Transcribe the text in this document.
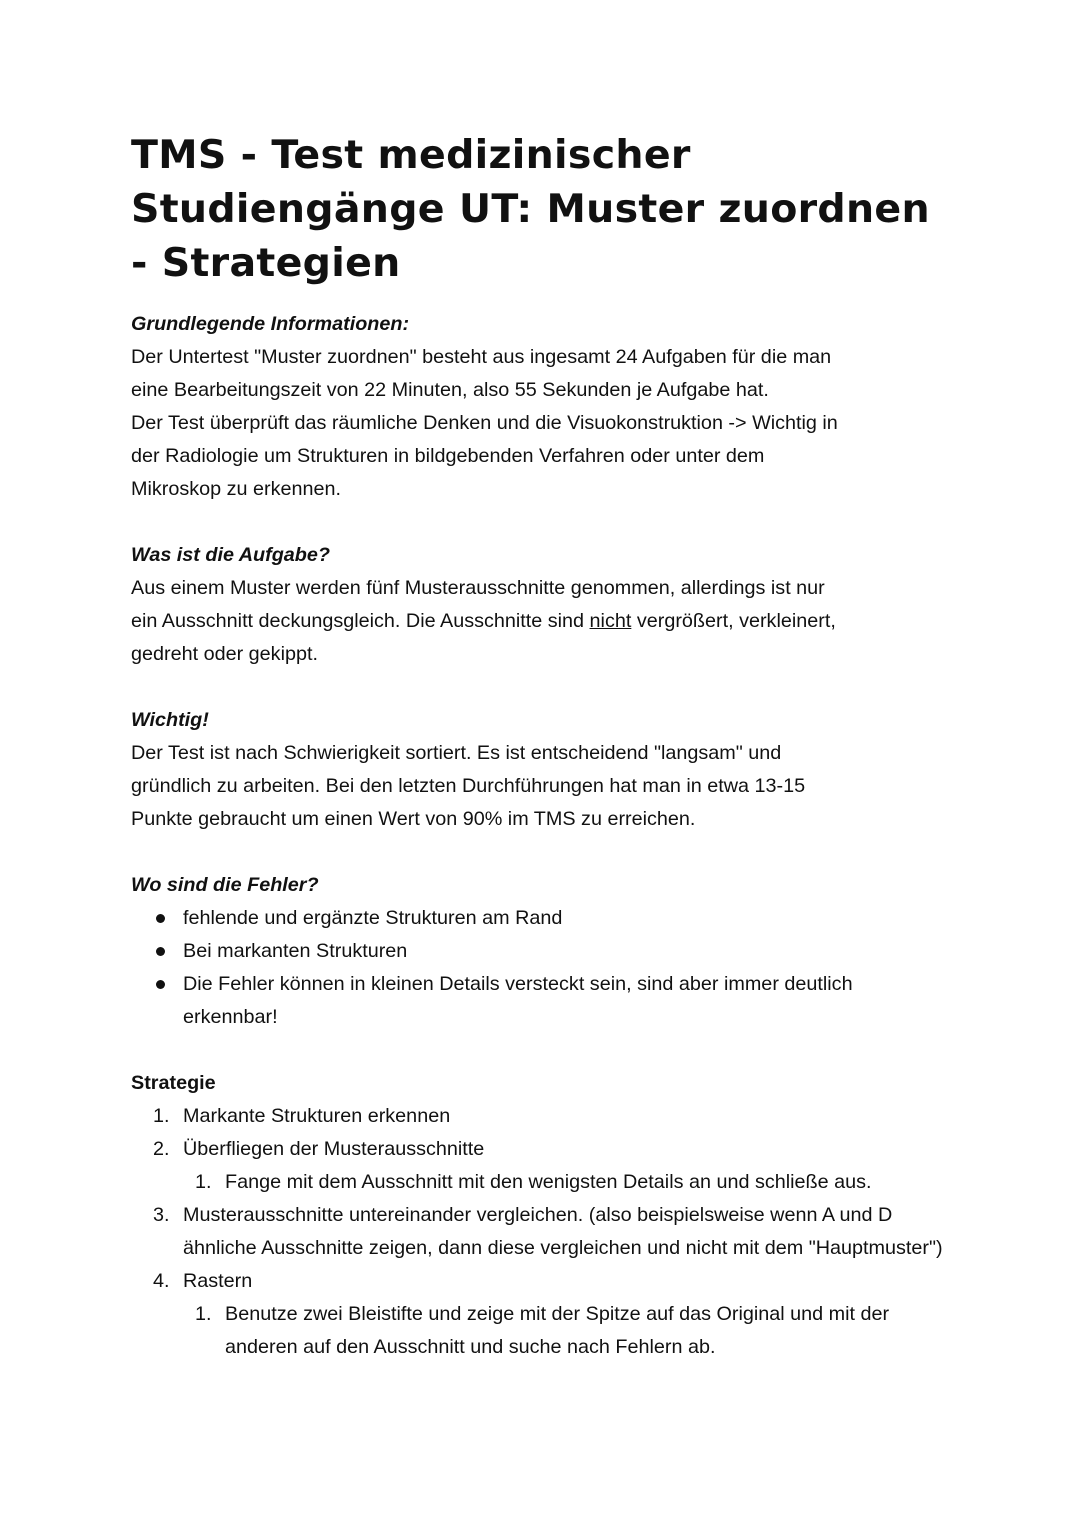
TMS - Test medizinischer Studiengänge UT: Muster zuordnen - Strategien

Grundlegende Informationen:

Der Untertest "Muster zuordnen" besteht aus ingesamt 24 Aufgaben für die man

eine Bearbeitungszeit von 22 Minuten, also 55 Sekunden je Aufgabe hat.

Der Test überprüft das räumliche Denken und die Visuokonstruktion -> Wichtig in

der Radiologie um Strukturen in bildgebenden Verfahren oder unter dem

Mikroskop zu erkennen.

Was ist die Aufgabe?

Aus einem Muster werden fünf Musterausschnitte genommen, allerdings ist nur

ein Ausschnitt deckungsgleich. Die Ausschnitte sind nicht vergrößert, verkleinert,

gedreht oder gekippt.

Wichtig!

Der Test ist nach Schwierigkeit sortiert. Es ist entscheidend "langsam" und

gründlich zu arbeiten. Bei den letzten Durchführungen hat man in etwa 13-15

Punkte gebraucht um einen Wert von 90% im TMS zu erreichen.

Wo sind die Fehler?

fehlende und ergänzte Strukturen am Rand
Bei markanten Strukturen
Die Fehler können in kleinen Details versteckt sein, sind aber immer deutlich erkennbar!

Strategie

1. Markante Strukturen erkennen
2. Überfliegen der Musterausschnitte
1. Fange mit dem Ausschnitt mit den wenigsten Details an und schließe aus.
3. Musterausschnitte untereinander vergleichen. (also beispielsweise wenn A und D ähnliche Ausschnitte zeigen, dann diese vergleichen und nicht mit dem "Hauptmuster")
4. Rastern
1. Benutze zwei Bleistifte und zeige mit der Spitze auf das Original und mit der anderen auf den Ausschnitt und suche nach Fehlern ab.
